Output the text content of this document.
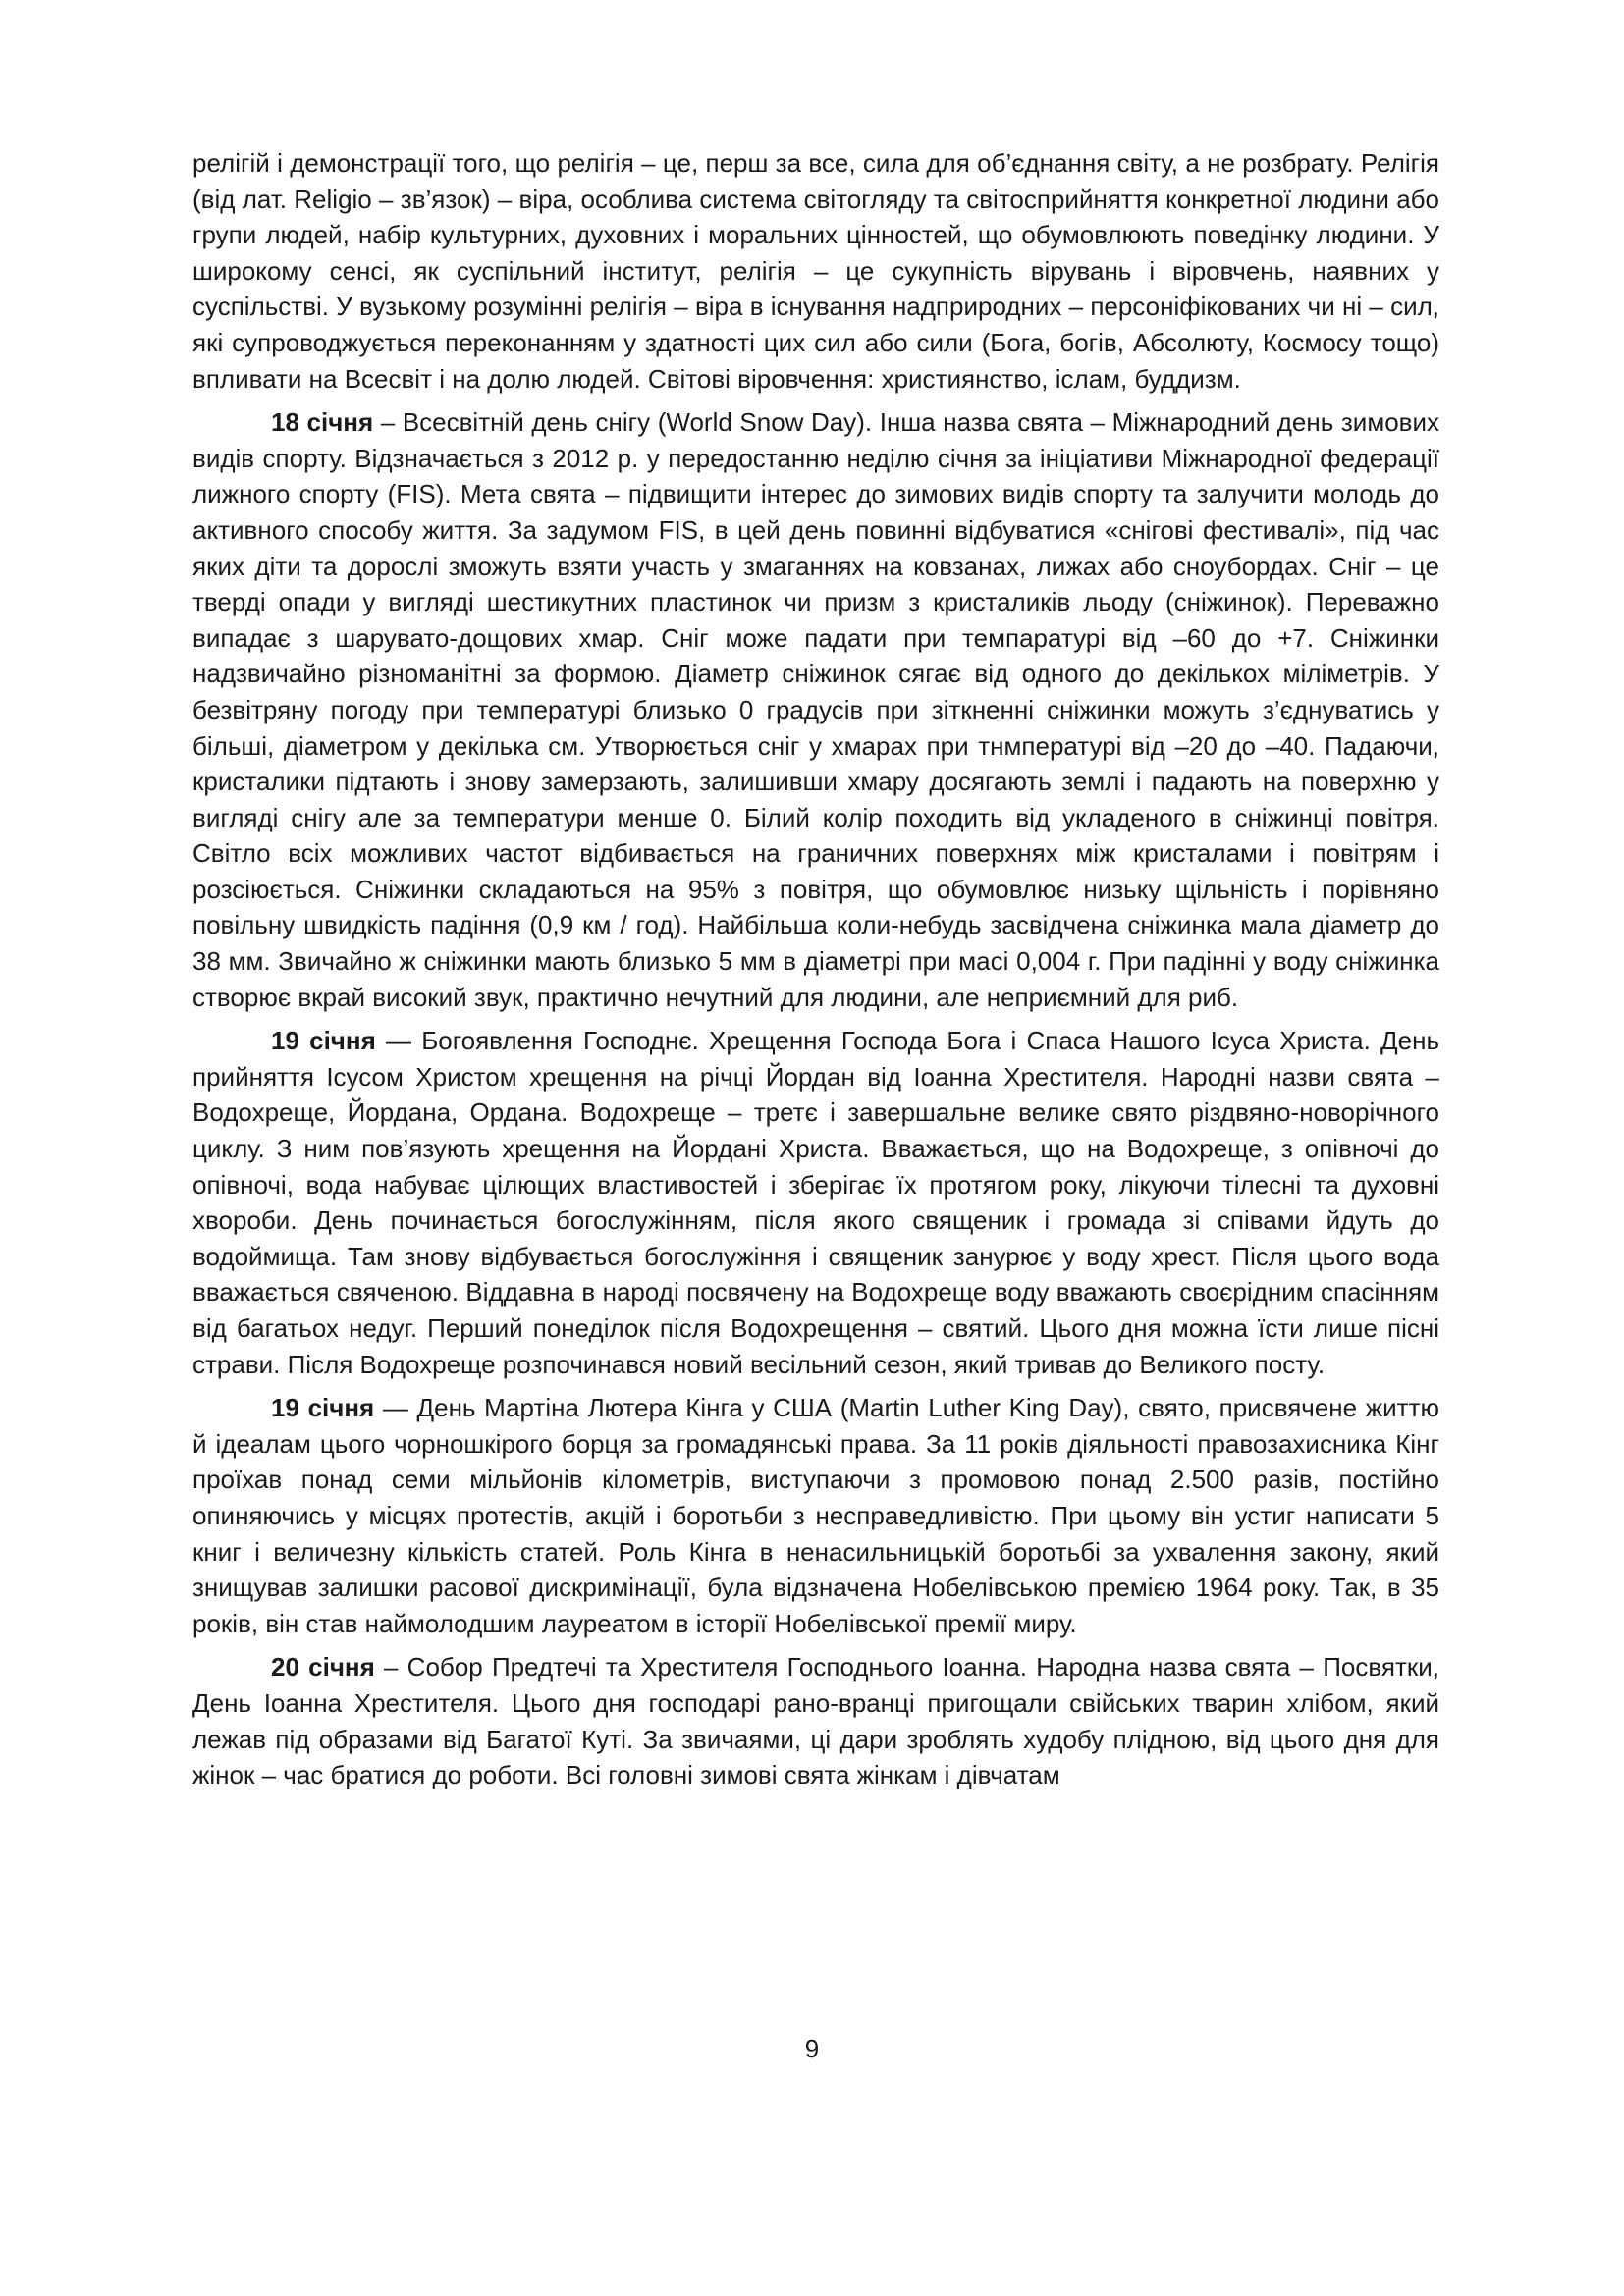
релігій і демонстрації того, що релігія – це, перш за все, сила для об’єднання світу, а не розбрату. Релігія (від лат. Religio – зв’язок) – віра, особлива система світогляду та світосприйняття конкретної людини або групи людей, набір культурних, духовних і моральних цінностей, що обумовлюють поведінку людини. У широкому сенсі, як суспільний інститут, релігія – це сукупність вірувань і віровчень, наявних у суспільстві. У вузькому розумінні релігія – віра в існування надприродних – персоніфікованих чи ні – сил, які супроводжується переконанням у здатності цих сил або сили (Бога, богів, Абсолюту, Космосу тощо) впливати на Всесвіт і на долю людей. Світові віровчення: християнство, іслам, буддизм.

18 січня – Всесвітній день снігу (World Snow Day). Інша назва свята – Міжнародний день зимових видів спорту. Відзначається з 2012 р. у передостанню неділю січня за ініціативи Міжнародної федерації лижного спорту (FIS). Мета свята – підвищити інтерес до зимових видів спорту та залучити молодь до активного способу життя. За задумом FIS, в цей день повинні відбуватися «снігові фестивалі», під час яких діти та дорослі зможуть взяти участь у змаганнях на ковзанах, лижах або сноубордах. Сніг – це тверді опади у вигляді шестикутних пластинок чи призм з кристаликів льоду (сніжинок). Переважно випадає з шарувато-дощових хмар. Сніг може падати при темпаратурі від –60 до +7. Сніжинки надзвичайно різноманітні за формою. Діаметр сніжинок сягає від одного до декількох міліметрів. У безвітряну погоду при температурі близько 0 градусів при зіткненні сніжинки можуть з’єднуватись у більші, діаметром у декілька см. Утворюється сніг у хмарах при тнмпературі від –20 до –40. Падаючи, кристалики підтають і знову замерзають, залишивши хмару досягають землі і падають на поверхню у вигляді снігу але за температури менше 0. Білий колір походить від укладеного в сніжинці повітря. Світло всіх можливих частот відбивається на граничних поверхнях між кристалами і повітрям і розсіюється. Сніжинки складаються на 95% з повітря, що обумовлює низьку щільність і порівняно повільну швидкість падіння (0,9 км / год). Найбільша коли-небудь засвідчена сніжинка мала діаметр до 38 мм. Звичайно ж сніжинки мають близько 5 мм в діаметрі при масі 0,004 г. При падінні у воду сніжинка створює вкрай високий звук, практично нечутний для людини, але неприємний для риб.

19 січня — Богоявлення Господнє. Хрещення Господа Бога і Спаса Нашого Ісуса Христа. День прийняття Ісусом Христом хрещення на річці Йордан від Іоанна Хрестителя. Народні назви свята – Водохреще, Йордана, Ордана. Водохреще – третє і завершальне велике свято різдвяно-новорічного циклу. З ним пов’язують хрещення на Йордані Христа. Вважається, що на Водохреще, з опівночі до опівночі, вода набуває цілющих властивостей і зберігає їх протягом року, лікуючи тілесні та духовні хвороби. День починається богослужінням, після якого священик і громада зі співами йдуть до водоймища. Там знову відбувається богослужіння і священик занурює у воду хрест. Після цього вода вважається свяченою. Віддавна в народі посвячену на Водохреще воду вважають своєрідним спасінням від багатьох недуг. Перший понеділок після Водохрещення – святий. Цього дня можна їсти лише пісні страви. Після Водохреще розпочинався новий весільний сезон, який тривав до Великого посту.

19 січня — День Мартіна Лютера Кінга у США (Martin Luther King Day), свято, присвячене життю й ідеалам цього чорношкірого борця за громадянські права. За 11 років діяльності правозахисника Кінг проїхав понад семи мільйонів кілометрів, виступаючи з промовою понад 2.500 разів, постійно опиняючись у місцях протестів, акцій і боротьби з несправедливістю. При цьому він устиг написати 5 книг і величезну кількість статей. Роль Кінга в ненасильницькій боротьбі за ухвалення закону, який знищував залишки расової дискримінації, була відзначена Нобелівською премією 1964 року. Так, в 35 років, він став наймолодшим лауреатом в історії Нобелівської премії миру.

20 січня – Собор Предтечі та Хрестителя Господнього Іоанна. Народна назва свята – Посвятки, День Іоанна Хрестителя. Цього дня господарі рано-вранці пригощали свійських тварин хлібом, який лежав під образами від Багатої Куті. За звичаями, ці дари зроблять худобу плідною, від цього дня для жінок – час братися до роботи. Всі головні зимові свята жінкам і дівчатам

9
